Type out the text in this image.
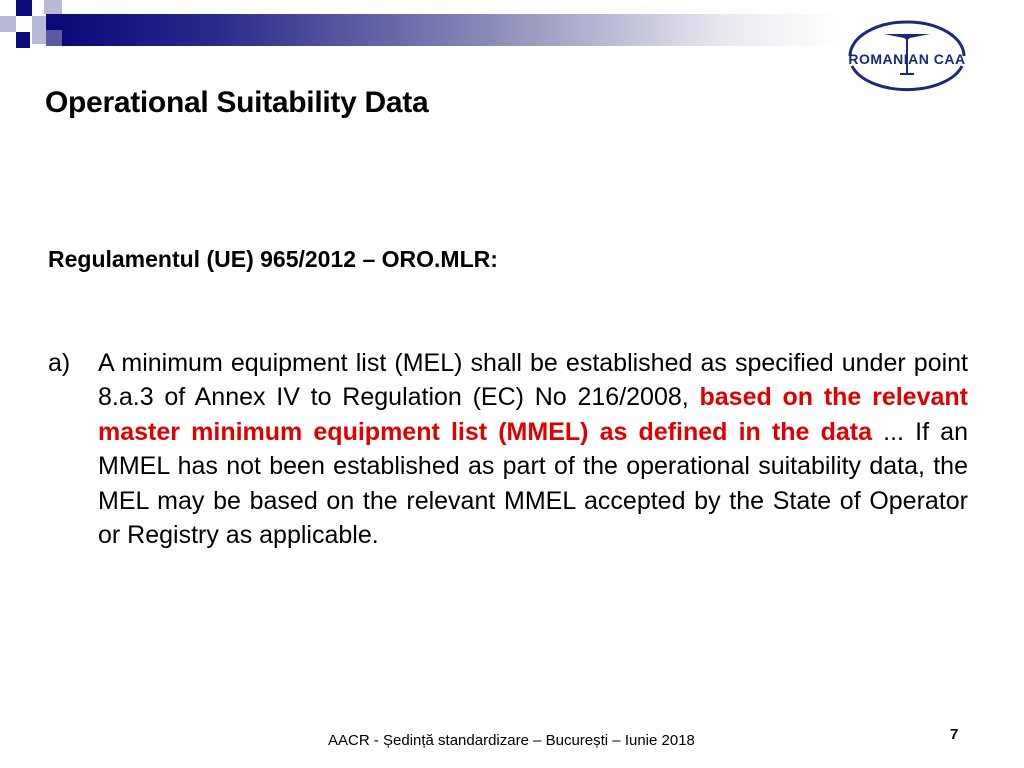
ROMANIAN CAA
Operational Suitability Data
Regulamentul (UE) 965/2012 – ORO.MLR:
a) A minimum equipment list (MEL) shall be established as specified under point 8.a.3 of Annex IV to Regulation (EC) No 216/2008, based on the relevant master minimum equipment list (MMEL) as defined in the data ... If an MMEL has not been established as part of the operational suitability data, the MEL may be based on the relevant MMEL accepted by the State of Operator or Registry as applicable.
AACR - Ședință standardizare – București – Iunie 2018	7
